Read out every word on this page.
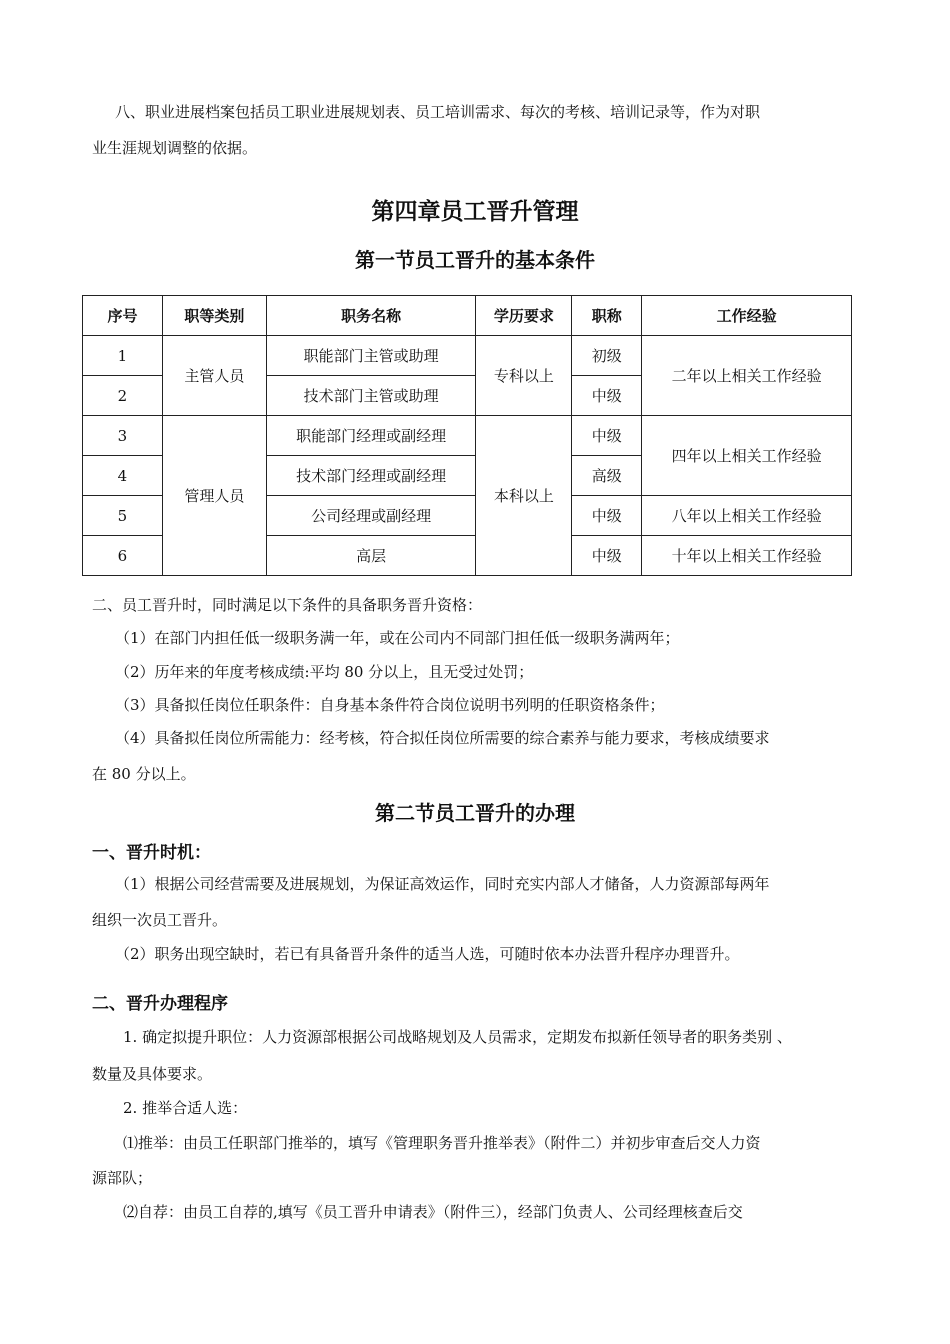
八、职业进展档案包括员工职业进展规划表、员工培训需求、每次的考核、培训记录等，作为对职
业生涯规划调整的依据。
第四章员工晋升管理
第一节员工晋升的基本条件
序号	职等类别	职务名称	学历要求	职称	工作经验
1	主管人员	职能部门主管或助理	专科以上	初级	二年以上相关工作经验
2		技术部门主管或助理		中级	
3	管理人员	职能部门经理或副经理	本科以上	中级	四年以上相关工作经验
4		技术部门经理或副经理		高级	
5		公司经理或副经理		中级	八年以上相关工作经验
6		高层		中级	十年以上相关工作经验
二、员工晋升时，同时满足以下条件的具备职务晋升资格：
（1）在部门内担任低一级职务满一年，或在公司内不同部门担任低一级职务满两年；
（2）历年来的年度考核成绩:平均 80 分以上，且无受过处罚；
（3）具备拟任岗位任职条件：自身基本条件符合岗位说明书列明的任职资格条件；
（4）具备拟任岗位所需能力：经考核，符合拟任岗位所需要的综合素养与能力要求，考核成绩要求
在 80 分以上。
第二节员工晋升的办理
一、晋升时机：
（1）根据公司经营需要及进展规划，为保证高效运作，同时充实内部人才储备，人力资源部每两年
组织一次员工晋升。
（2）职务出现空缺时，若已有具备晋升条件的适当人选，可随时依本办法晋升程序办理晋升。
二、晋升办理程序
1. 确定拟提升职位：人力资源部根据公司战略规划及人员需求，定期发布拟新任领导者的职务类别 、
数量及具体要求。
2. 推举合适人选：
⑴推举：由员工任职部门推举的，填写《管理职务晋升推举表》（附件二）并初步审查后交人力资
源部队；
⑵自荐：由员工自荐的,填写《员工晋升申请表》（附件三），经部门负责人、公司经理核查后交
